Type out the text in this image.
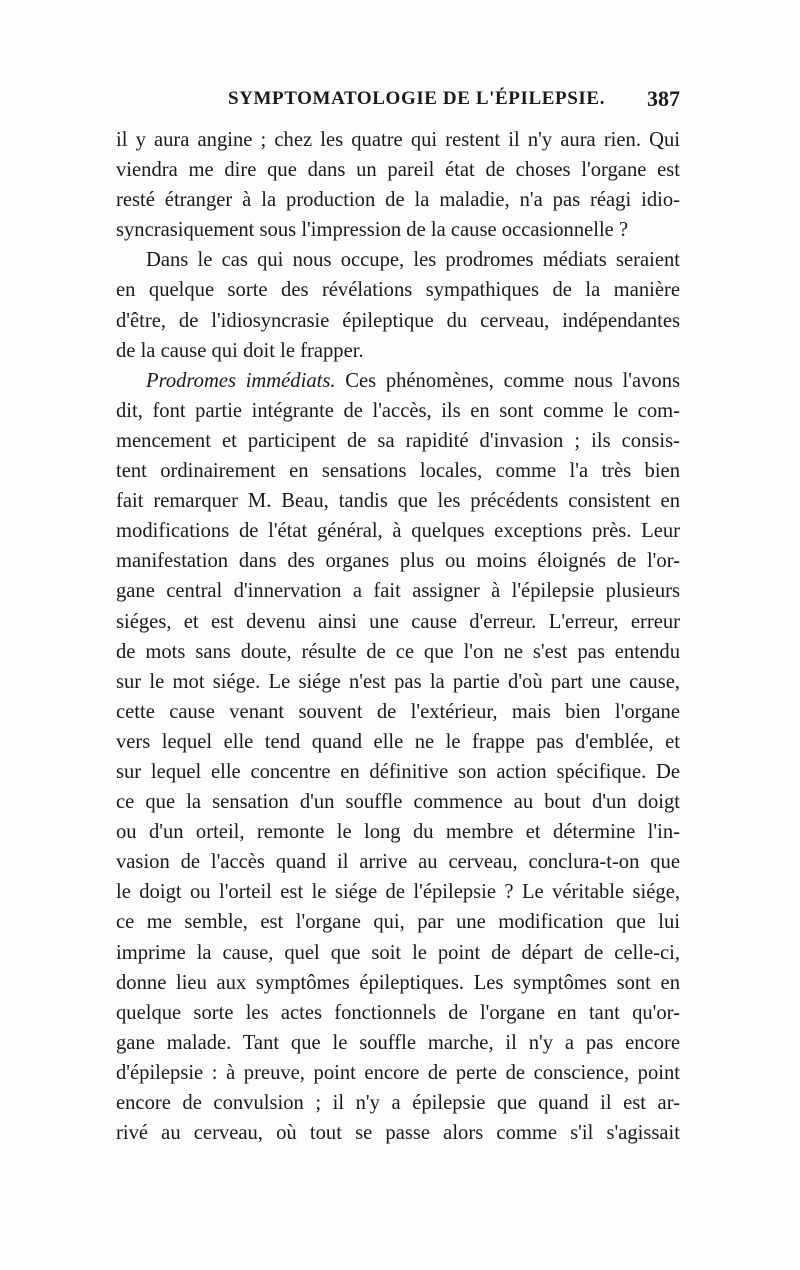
SYMPTOMATOLOGIE DE L'ÉPILEPSIE. 387
il y aura angine ; chez les quatre qui restent il n'y aura rien. Qui
viendra me dire que dans un pareil état de choses l'organe est
resté étranger à la production de la maladie, n'a pas réagi idio-
syncrasiquement sous l'impression de la cause occasionnelle ?
Dans le cas qui nous occupe, les prodromes médiats seraient
en quelque sorte des révélations sympathiques de la manière
d'être, de l'idiosyncrasie épileptique du cerveau, indépendantes
de la cause qui doit le frapper.
Prodromes immédiats. Ces phénomènes, comme nous l'avons
dit, font partie intégrante de l'accès, ils en sont comme le com-
mencement et participent de sa rapidité d'invasion ; ils consis-
tent ordinairement en sensations locales, comme l'a très bien
fait remarquer M. Beau, tandis que les précédents consistent en
modifications de l'état général, à quelques exceptions près. Leur
manifestation dans des organes plus ou moins éloignés de l'or-
gane central d'innervation a fait assigner à l'épilepsie plusieurs
siéges, et est devenu ainsi une cause d'erreur. L'erreur, erreur
de mots sans doute, résulte de ce que l'on ne s'est pas entendu
sur le mot siége. Le siége n'est pas la partie d'où part une cause,
cette cause venant souvent de l'extérieur, mais bien l'organe
vers lequel elle tend quand elle ne le frappe pas d'emblée, et
sur lequel elle concentre en définitive son action spécifique. De
ce que la sensation d'un souffle commence au bout d'un doigt
ou d'un orteil, remonte le long du membre et détermine l'in-
vasion de l'accès quand il arrive au cerveau, conclura-t-on que
le doigt ou l'orteil est le siége de l'épilepsie ? Le véritable siége,
ce me semble, est l'organe qui, par une modification que lui
imprime la cause, quel que soit le point de départ de celle-ci,
donne lieu aux symptômes épileptiques. Les symptômes sont en
quelque sorte les actes fonctionnels de l'organe en tant qu'or-
gane malade. Tant que le souffle marche, il n'y a pas encore
d'épilepsie : à preuve, point encore de perte de conscience, point
encore de convulsion ; il n'y a épilepsie que quand il est ar-
rivé au cerveau, où tout se passe alors comme s'il s'agissait
